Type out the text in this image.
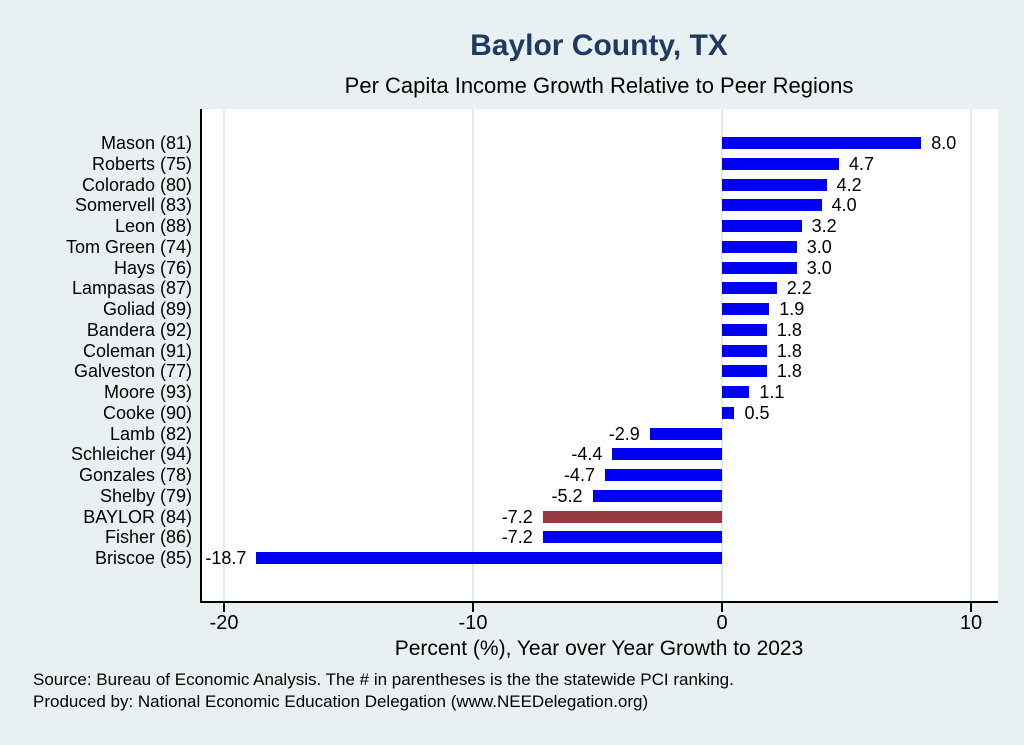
Baylor County, TX
Per Capita Income Growth Relative to Peer Regions
8.0
4.7
4.2
4.0
3.2
3.0
3.0
2.2
1.9
1.8
1.8
1.8
1.1
0.5
-2.9
-4.4
-4.7
-5.2
-7.2
-7.2
-18.7
Mason (81)
Roberts (75)
Colorado (80)
Somervell (83)
Leon (88)
Tom Green (74)
Hays (76)
Lampasas (87)
Goliad (89)
Bandera (92)
Coleman (91)
Galveston (77)
Moore (93)
Cooke (90)
Lamb (82)
Schleicher (94)
Gonzales (78)
Shelby (79)
BAYLOR (84)
Fisher (86)
Briscoe (85)
-20	-10	0	10
Percent (%), Year over Year Growth to 2023
Source: Bureau of Economic Analysis. The # in parentheses is the the statewide PCI ranking.
Produced by: National Economic Education Delegation (www.NEEDelegation.org)
